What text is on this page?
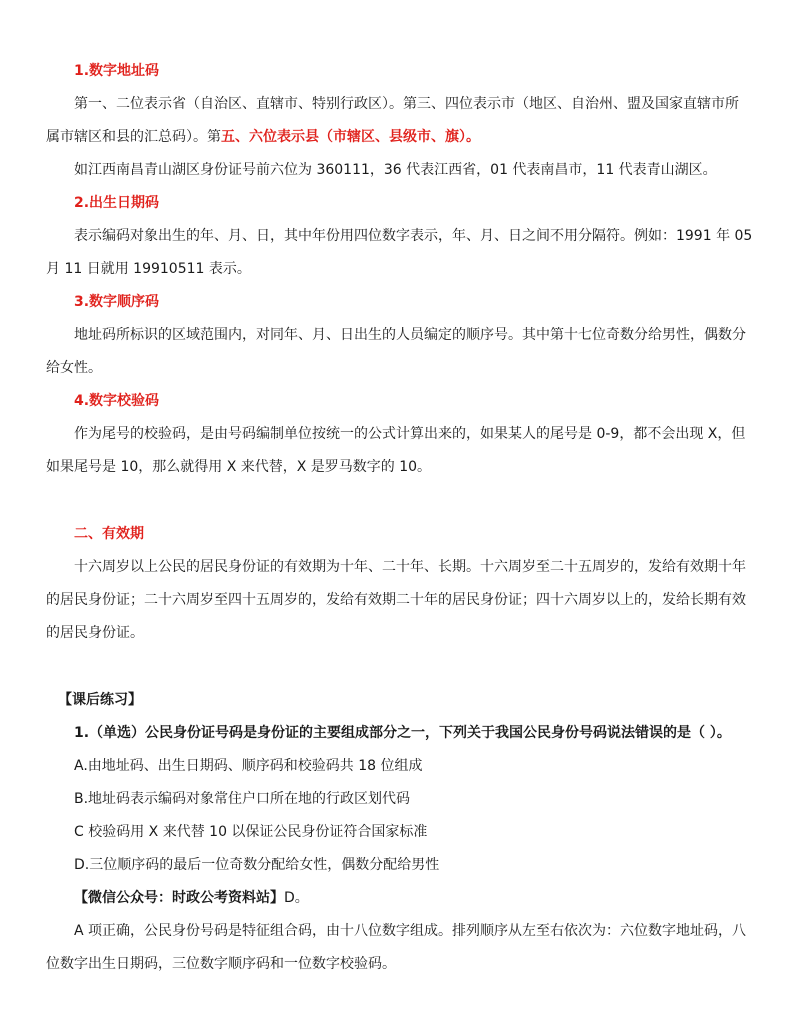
1.数字地址码
第一、二位表示省（自治区、直辖市、特别行政区）。第三、四位表示市（地区、自治州、盟及国家直辖市所
属市辖区和县的汇总码）。第五、六位表示县（市辖区、县级市、旗）。
如江西南昌青山湖区身份证号前六位为 360111，36 代表江西省，01 代表南昌市，11 代表青山湖区。
2.出生日期码
表示编码对象出生的年、月、日，其中年份用四位数字表示，年、月、日之间不用分隔符。例如：1991 年 05
月 11 日就用 19910511 表示。
3.数字顺序码
地址码所标识的区域范围内，对同年、月、日出生的人员编定的顺序号。其中第十七位奇数分给男性，偶数分
给女性。
4.数字校验码
作为尾号的校验码，是由号码编制单位按统一的公式计算出来的，如果某人的尾号是 0-9，都不会出现 X，但
如果尾号是 10，那么就得用 X 来代替，X 是罗马数字的 10。
二、有效期
十六周岁以上公民的居民身份证的有效期为十年、二十年、长期。十六周岁至二十五周岁的，发给有效期十年
的居民身份证；二十六周岁至四十五周岁的，发给有效期二十年的居民身份证；四十六周岁以上的，发给长期有效
的居民身份证。
【课后练习】
1.（单选）公民身份证号码是身份证的主要组成部分之一，下列关于我国公民身份号码说法错误的是（ ）。
A.由地址码、出生日期码、顺序码和校验码共 18 位组成
B.地址码表示编码对象常住户口所在地的行政区划代码
C 校验码用 X 来代替 10 以保证公民身份证符合国家标准
D.三位顺序码的最后一位奇数分配给女性，偶数分配给男性
【微信公众号：时政公考资料站】D。
A 项正确，公民身份号码是特征组合码，由十八位数字组成。排列顺序从左至右依次为：六位数字地址码，八
位数字出生日期码，三位数字顺序码和一位数字校验码。
